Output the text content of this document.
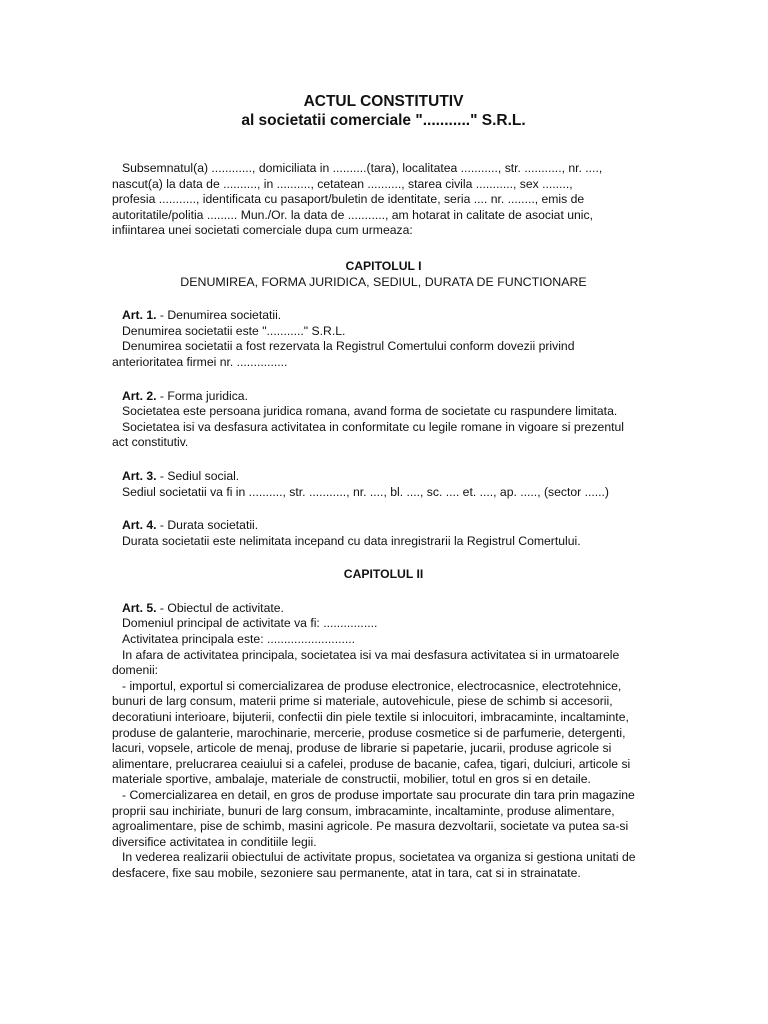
ACTUL CONSTITUTIV
al societatii comerciale "..........." S.R.L.
Subsemnatul(a) ............, domiciliata in ..........(tara), localitatea ..........., str. ..........., nr. ....,
nascut(a) la data de .........., in .........., cetatean .........., starea civila ..........., sex ........,
profesia ..........., identificata cu pasaport/buletin de identitate, seria .... nr. ........, emis de
autoritatile/politia ......... Mun./Or. la data de ..........., am hotarat in calitate de asociat unic,
infiintarea unei societati comerciale dupa cum urmeaza:
CAPITOLUL I
DENUMIREA, FORMA JURIDICA, SEDIUL, DURATA DE FUNCTIONARE
Art. 1. - Denumirea societatii.
Denumirea societatii este "..........." S.R.L.
Denumirea societatii a fost rezervata la Registrul Comertului conform dovezii privind
anterioritatea firmei nr. ...............
Art. 2. - Forma juridica.
Societatea este persoana juridica romana, avand forma de societate cu raspundere limitata.
Societatea isi va desfasura activitatea in conformitate cu legile romane in vigoare si prezentul
act constitutiv.
Art. 3. - Sediul social.
Sediul societatii va fi in .........., str. ..........., nr. ...., bl. ...., sc. .... et. ...., ap. ....., (sector ......)
Art. 4. - Durata societatii.
Durata societatii este nelimitata incepand cu data inregistrarii la Registrul Comertului.
CAPITOLUL II
Art. 5. - Obiectul de activitate.
Domeniul principal de activitate va fi: ................
Activitatea principala este: ..........................
In afara de activitatea principala, societatea isi va mai desfasura activitatea si in urmatoarele
domenii:
- importul, exportul si comercializarea de produse electronice, electrocasnice, electrotehnice,
bunuri de larg consum, materii prime si materiale, autovehicule, piese de schimb si accesorii,
decoratiuni interioare, bijuterii, confectii din piele textile si inlocuitori, imbracaminte, incaltaminte,
produse de galanterie, marochinarie, mercerie, produse cosmetice si de parfumerie, detergenti,
lacuri, vopsele, articole de menaj, produse de librarie si papetarie, jucarii, produse agricole si
alimentare, prelucrarea ceaiului si a cafelei, produse de bacanie, cafea, tigari, dulciuri, articole si
materiale sportive, ambalaje, materiale de constructii, mobilier, totul en gros si en detaile.
- Comercializarea en detail, en gros de produse importate sau procurate din tara prin magazine
proprii sau inchiriate, bunuri de larg consum, imbracaminte, incaltaminte, produse alimentare,
agroalimentare, pise de schimb, masini agricole. Pe masura dezvoltarii, societate va putea sa-si
diversifice activitatea in conditiile legii.
In vederea realizarii obiectului de activitate propus, societatea va organiza si gestiona unitati de
desfacere, fixe sau mobile, sezoniere sau permanente, atat in tara, cat si in strainatate.
